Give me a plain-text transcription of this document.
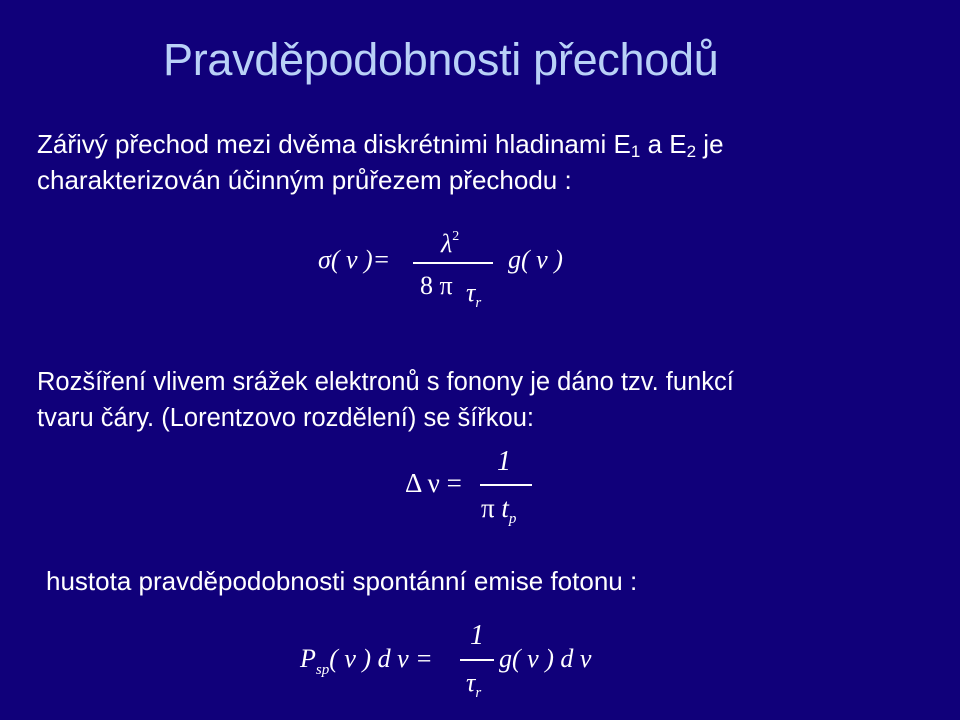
Pravděpodobnosti přechodů
Zářivý přechod mezi dvěma diskrétnimi hladinami $E_1$ a $E_2$ je
charakterizován účinným průřezem přechodu :
σ( ν )=
$\lambda^2$
8 π $\tau_r$
g( ν )
Rozšíření vlivem srážek elektronů s fonony je dáno tzv. funkcí
tvaru čáry. (Lorentzovo rozdělení) se šířkou:
Δ ν =
1
π $t_p$
hustota pravděpodobnosti spontánní emise fotonu :
$P_{sp}$( ν ) d ν =
1
$\tau_r$
g( ν ) d ν
